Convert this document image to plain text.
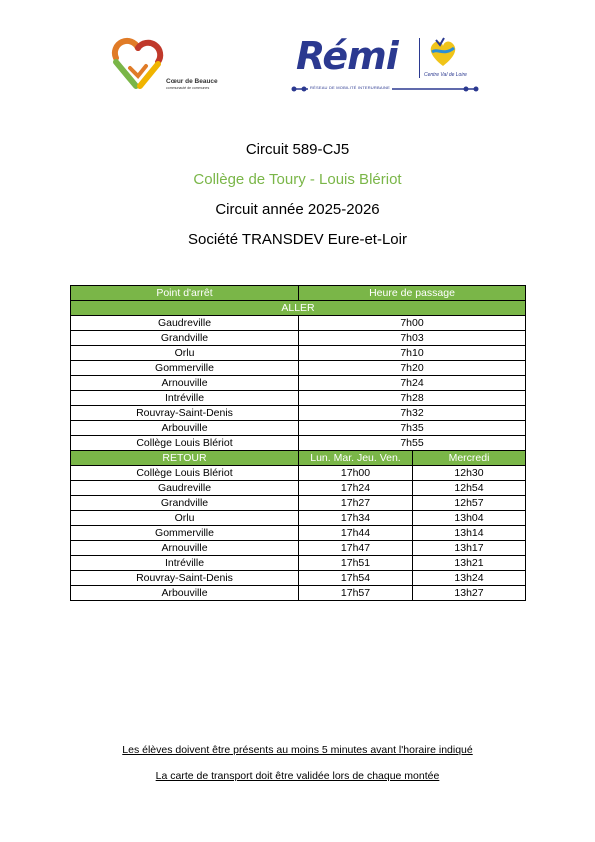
Cœur de Beauce
communauté de communes
Rémi	Centre Val de Loire
RÉSEAU DE MOBILITÉ INTERURBAINE
Circuit 589-CJ5
Collège de Toury - Louis Blériot
Circuit année 2025-2026
Société TRANSDEV Eure-et-Loir
Point d'arrêt	Heure de passage	
ALLER		
Gaudreville	7h00	
Grandville	7h03	
Orlu	7h10	
Gommerville	7h20	
Arnouville	7h24	
Intréville	7h28	
Rouvray-Saint-Denis	7h32	
Arbouville	7h35	
Collège Louis Blériot	7h55	
RETOUR	Lun. Mar. Jeu. Ven.	Mercredi
Collège Louis Blériot	17h00	12h30
Gaudreville	17h24	12h54
Grandville	17h27	12h57
Orlu	17h34	13h04
Gommerville	17h44	13h14
Arnouville	17h47	13h17
Intréville	17h51	13h21
Rouvray-Saint-Denis	17h54	13h24
Arbouville	17h57	13h27
Les élèves doivent être présents au moins 5 minutes avant l'horaire indiqué
La carte de transport doit être validée lors de chaque montée
